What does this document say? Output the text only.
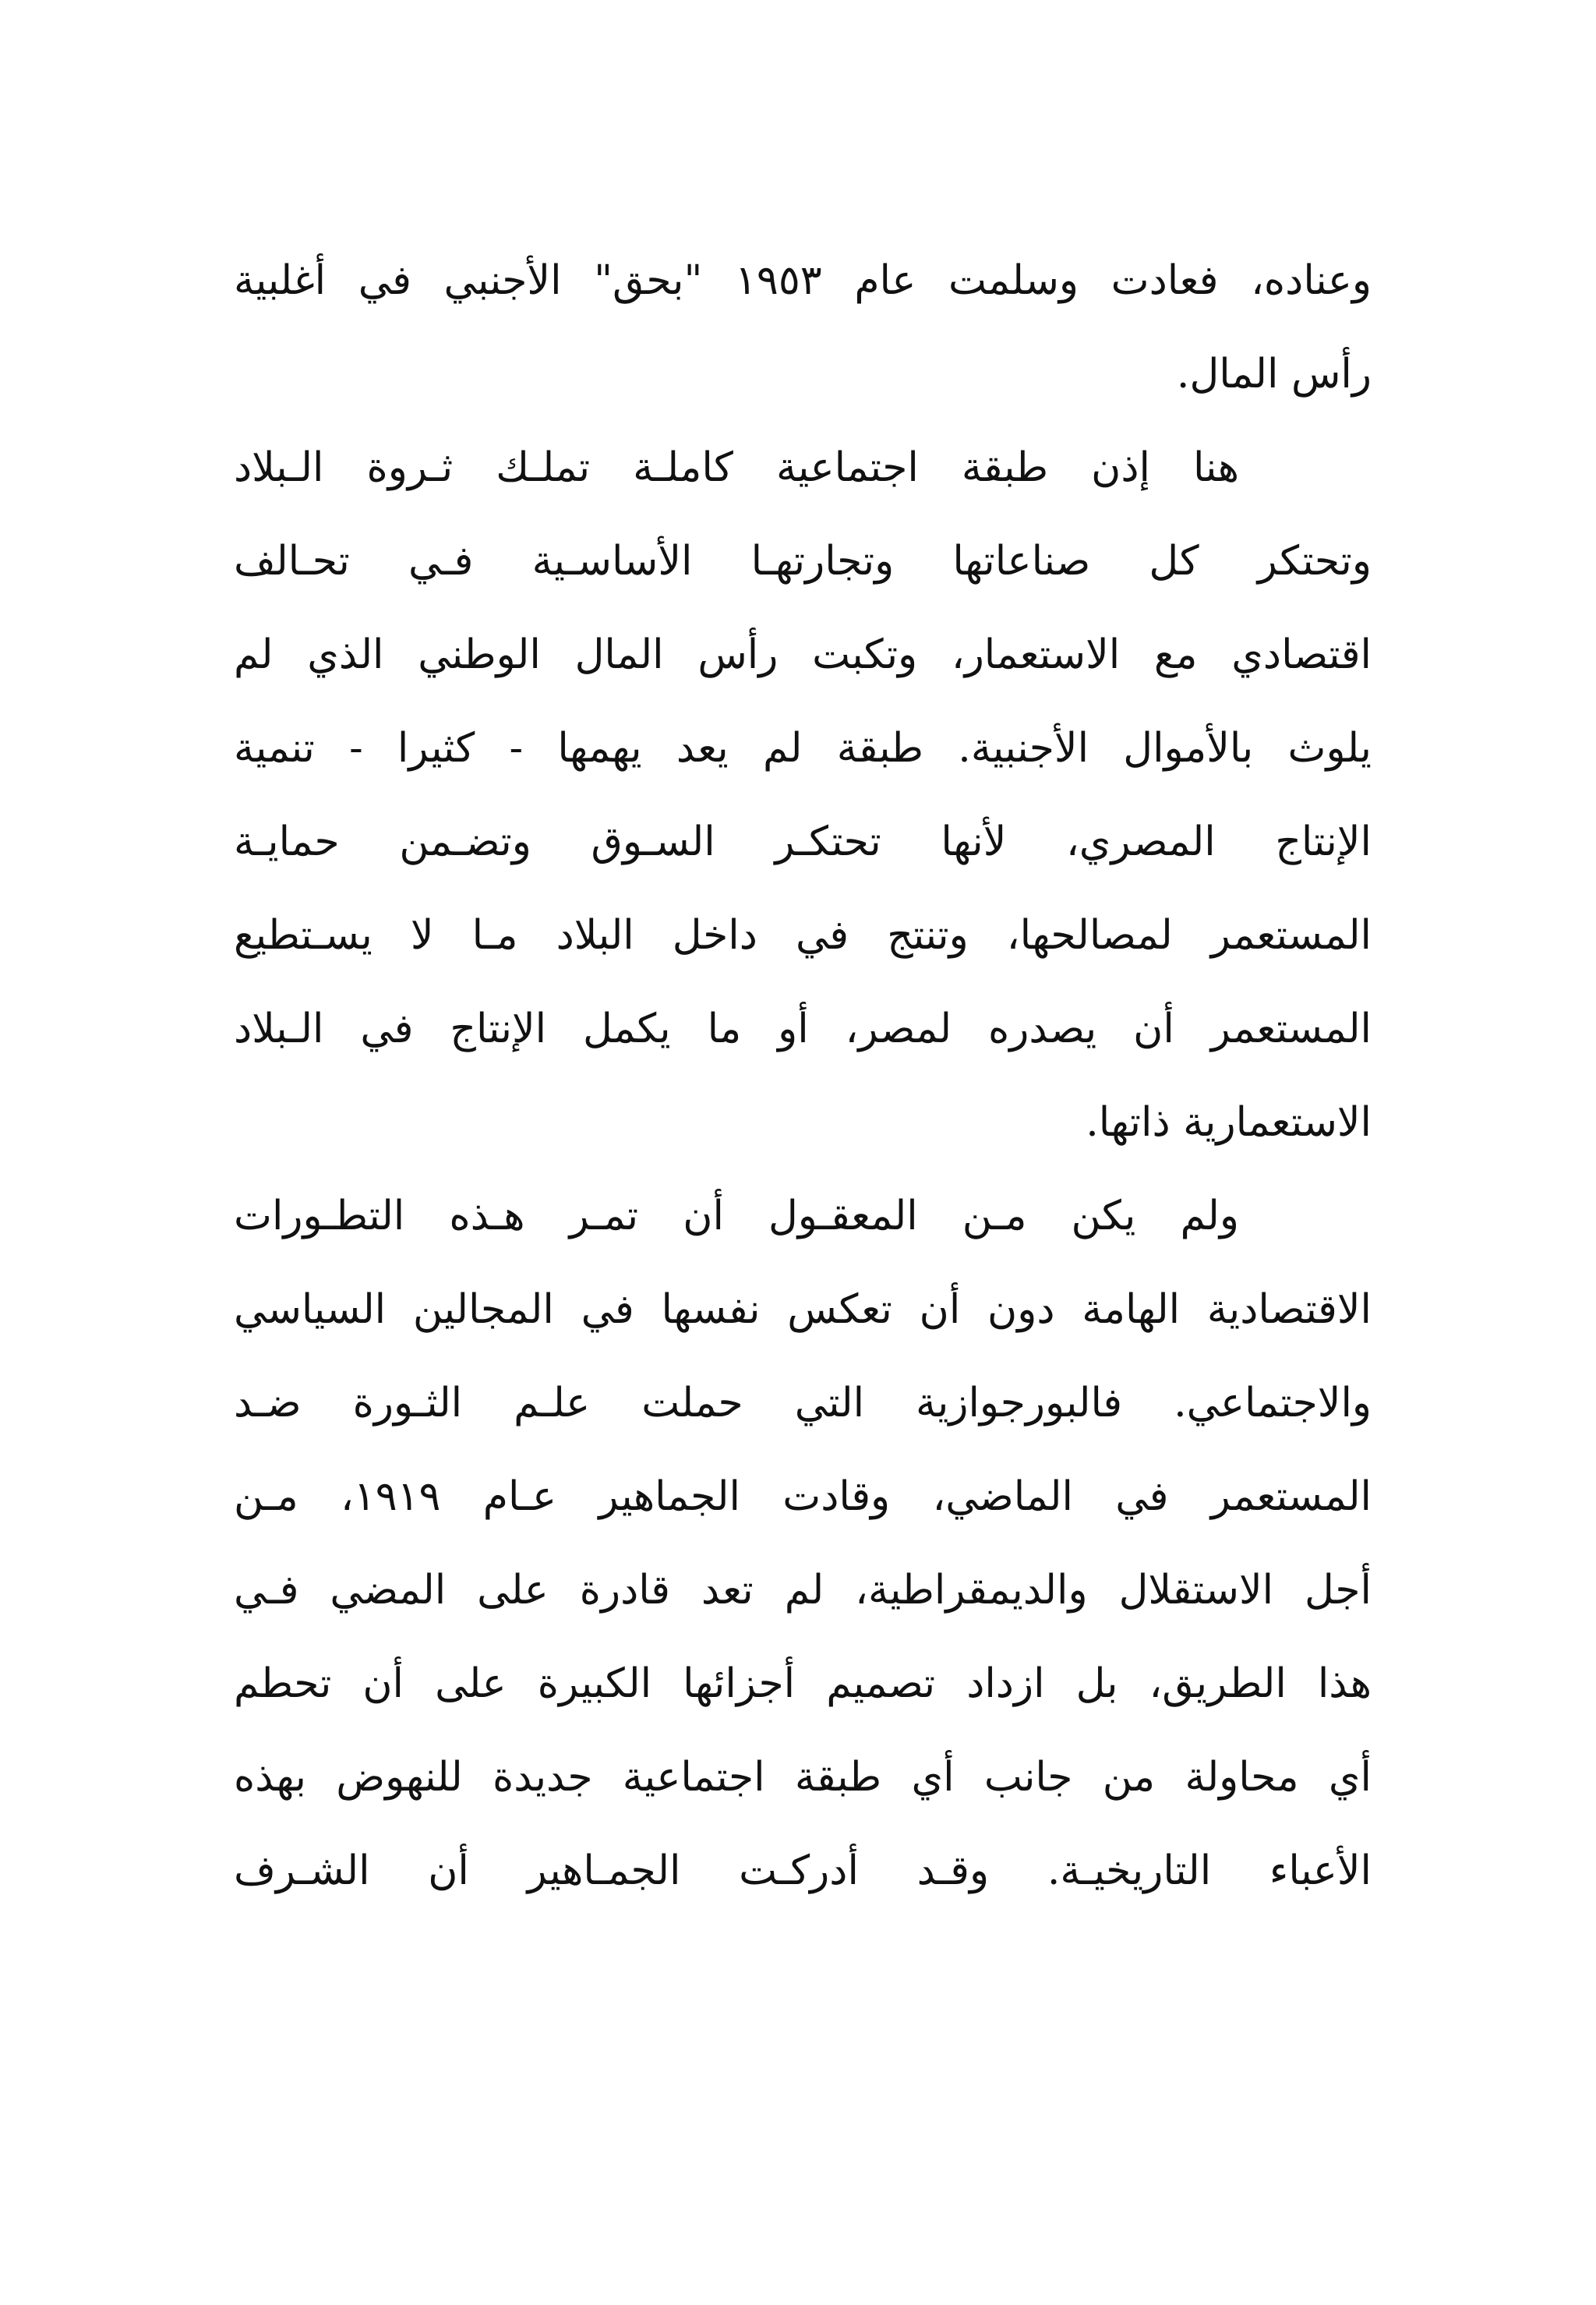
وعناده، فعادت وسلمت عام ١٩٥٣ "بحق" الأجنبي في أغلبية
رأس المال.
هنا إذن طبقة اجتماعية كاملـة تملـك ثـروة الـبلاد
وتحتكر كل صناعاتها وتجارتهـا الأساسـية فـي تحـالف
اقتصادي مع الاستعمار، وتكبت رأس المال الوطني الذي لم
يلوث بالأموال الأجنبية. طبقة لم يعد يهمها - كثيرا - تنمية
الإنتاج المصري، لأنها تحتكـر السـوق وتضـمن حمايـة
المستعمر لمصالحها، وتنتج في داخل البلاد مـا لا يسـتطيع
المستعمر أن يصدره لمصر، أو ما يكمل الإنتاج في الـبلاد
الاستعمارية ذاتها.
ولم يكن مـن المعقـول أن تمـر هـذه التطـورات
الاقتصادية الهامة دون أن تعكس نفسها في المجالين السياسي
والاجتماعي. فالبورجوازية التي حملت علـم الثـورة ضـد
المستعمر في الماضي، وقادت الجماهير عـام ١٩١٩، مـن
أجل الاستقلال والديمقراطية، لم تعد قادرة على المضي فـي
هذا الطريق، بل ازداد تصميم أجزائها الكبيرة على أن تحطم
أي محاولة من جانب أي طبقة اجتماعية جديدة للنهوض بهذه
الأعباء التاريخيـة. وقـد أدركـت الجمـاهير أن الشـرف
